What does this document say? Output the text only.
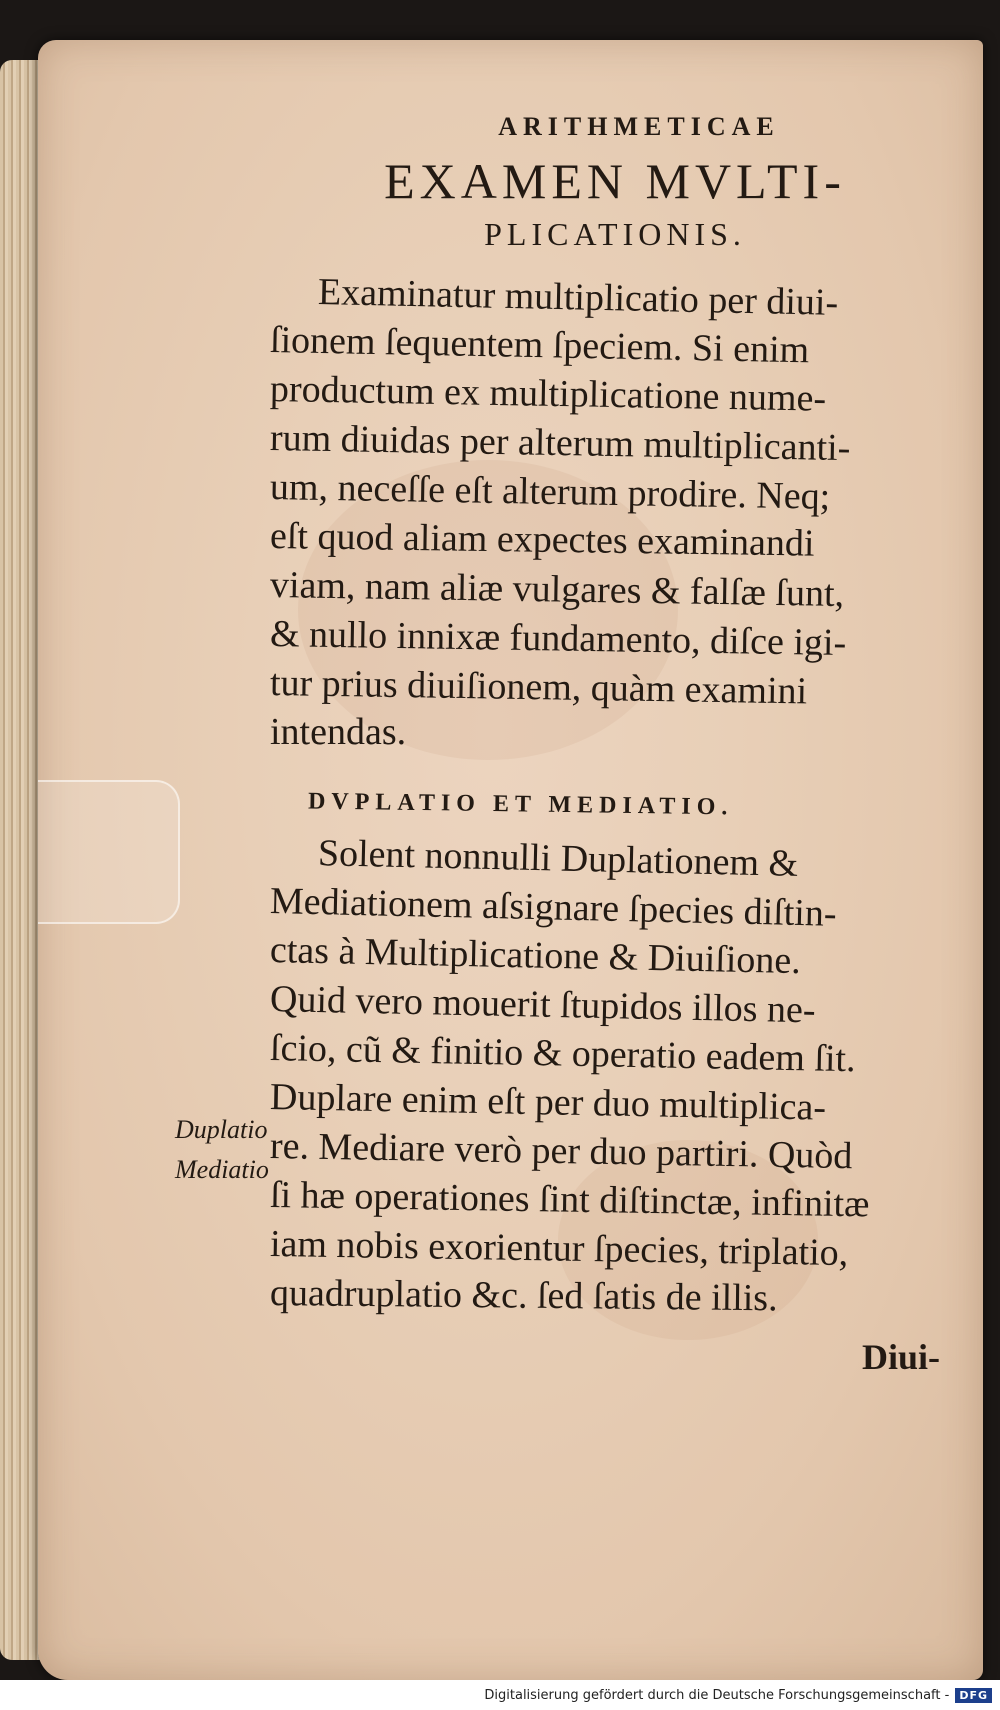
ARITHMETICAE
EXAMEN MVLTI-
PLICATIONIS.
Examinatur multiplicatio per diui-
ſionem ſequentem ſpeciem. Si enim
productum ex multiplicatione nume-
rum diuidas per alterum multiplicanti-
um, neceſſe eſt alterum prodire. Neq;
eſt quod aliam expectes examinandi
viam, nam aliæ vulgares & falſæ ſunt,
& nullo innixæ fundamento, diſce igi-
tur prius diuiſionem, quàm examini
intendas.
DVPLATIO ET MEDIATIO.
Solent nonnulli Duplationem &
Mediationem aſsignare ſpecies diſtin-
ctas à Multiplicatione & Diuiſione.
Quid vero mouerit ſtupidos illos ne-
ſcio, cũ & finitio & operatio eadem ſit.
Duplare enim eſt per duo multiplica-
re. Mediare verò per duo partiri. Quòd
ſi hæ operationes ſint diſtinctæ, infinitæ
iam nobis exorientur ſpecies, triplatio,
quadruplatio &c. ſed ſatis de illis.
Diui-
Duplatio
Mediatio
Digitalisierung gefördert durch die Deutsche Forschungsgemeinschaft - DFG
